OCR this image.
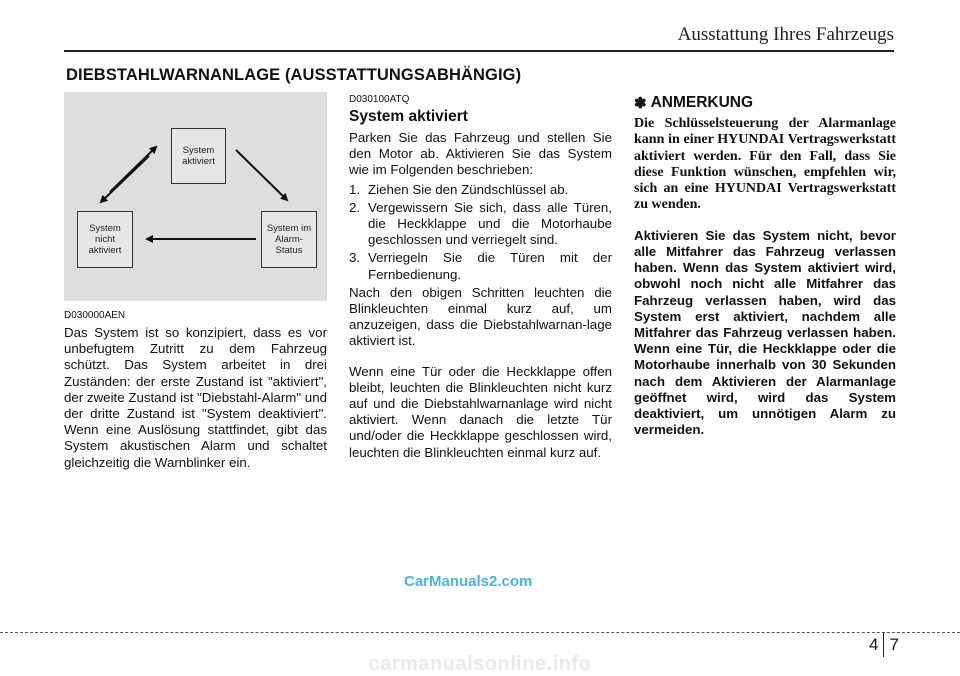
Ausstattung Ihres Fahrzeugs
DIEBSTAHLWARNANLAGE (AUSSTATTUNGSABHÄNGIG)
System
aktiviert
System
nicht
aktiviert
System im
Alarm-
Status
D030000AEN

Das System ist so konzipiert, dass es vor unbefugtem Zutritt zu dem Fahrzeug schützt. Das System arbeitet in drei Zuständen: der erste Zustand ist "aktiviert", der zweite Zustand ist "Diebstahl-Alarm" und der dritte Zustand ist "System deaktiviert". Wenn eine Auslösung stattfindet, gibt das System akustischen Alarm und schaltet gleichzeitig die Warnblinker ein.

D030100ATQ
System aktiviert

Parken Sie das Fahrzeug und stellen Sie den Motor ab. Aktivieren Sie das System wie im Folgenden beschrieben:

1. Ziehen Sie den Zündschlüssel ab.
2. Vergewissern Sie sich, dass alle Türen, die Heckklappe und die Motorhaube geschlossen und verriegelt sind.
3. Verriegeln Sie die Türen mit der Fernbedienung.

Nach den obigen Schritten leuchten die Blinkleuchten einmal kurz auf, um anzuzeigen, dass die Diebstahlwarnan-lage aktiviert ist.

Wenn eine Tür oder die Heckklappe offen bleibt, leuchten die Blinkleuchten nicht kurz auf und die Diebstahlwarnanlage wird nicht aktiviert. Wenn danach die letzte Tür und/oder die Heckklappe geschlossen wird, leuchten die Blinkleuchten einmal kurz auf.

✽ ANMERKUNG

Die Schlüsselsteuerung der Alarmanlage kann in einer HYUNDAI Vertragswerkstatt aktiviert werden. Für den Fall, dass Sie diese Funktion wünschen, empfehlen wir, sich an eine HYUNDAI Vertragswerkstatt zu wenden.

Aktivieren Sie das System nicht, bevor alle Mitfahrer das Fahrzeug verlassen haben. Wenn das System aktiviert wird, obwohl noch nicht alle Mitfahrer das Fahrzeug verlassen haben, wird das System erst aktiviert, nachdem alle Mitfahrer das Fahrzeug verlassen haben. Wenn eine Tür, die Heckklappe oder die Motorhaube innerhalb von 30 Sekunden nach dem Aktivieren der Alarmanlage geöffnet wird, wird das System deaktiviert, um unnötigen Alarm zu vermeiden.

CarManuals2.com
4 7
carmanualsonline.info
